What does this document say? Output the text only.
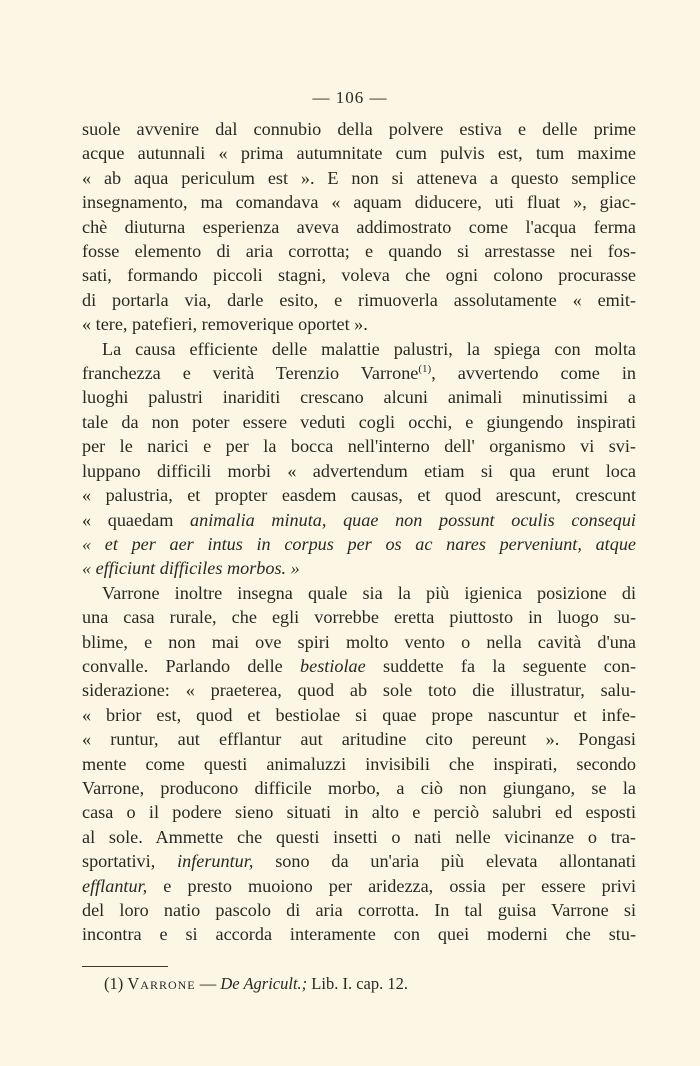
— 106 —
suole avvenire dal connubio della polvere estiva e delle prime
acque autunnali « prima autumnitate cum pulvis est, tum maxime
« ab aqua periculum est ». E non si atteneva a questo semplice
insegnamento, ma comandava « aquam diducere, uti fluat », giac-
chè diuturna esperienza aveva addimostrato come l'acqua ferma
fosse elemento di aria corrotta; e quando si arrestasse nei fos-
sati, formando piccoli stagni, voleva che ogni colono procurasse
di portarla via, darle esito, e rimuoverla assolutamente « emit-
« tere, patefieri, removerique oportet ».
La causa efficiente delle malattie palustri, la spiega con molta
franchezza e verità Terenzio Varrone$^{(1)}$, avvertendo come in
luoghi palustri inariditi crescano alcuni animali minutissimi a
tale da non poter essere veduti cogli occhi, e giungendo inspirati
per le narici e per la bocca nell'interno dell' organismo vi svi-
luppano difficili morbi « advertendum etiam si qua erunt loca
« palustria, et propter easdem causas, et quod arescunt, crescunt
« quaedam animalia minuta, quae non possunt oculis consequi
« et per aer intus in corpus per os ac nares perveniunt, atque
« efficiunt difficiles morbos. »
Varrone inoltre insegna quale sia la più igienica posizione di
una casa rurale, che egli vorrebbe eretta piuttosto in luogo su-
blime, e non mai ove spiri molto vento o nella cavità d'una
convalle. Parlando delle bestiolae suddette fa la seguente con-
siderazione: « praeterea, quod ab sole toto die illustratur, salu-
« brior est, quod et bestiolae si quae prope nascuntur et infe-
« runtur, aut efflantur aut aritudine cito pereunt ». Pongasi
mente come questi animaluzzi invisibili che inspirati, secondo
Varrone, producono difficile morbo, a ciò non giungano, se la
casa o il podere sieno situati in alto e perciò salubri ed esposti
al sole. Ammette che questi insetti o nati nelle vicinanze o tra-
sportativi, inferuntur, sono da un'aria più elevata allontanati
efflantur, e presto muoiono per aridezza, ossia per essere privi
del loro natio pascolo di aria corrotta. In tal guisa Varrone si
incontra e si accorda interamente con quei moderni che stu-
(1) Varrone — De Agricult.; Lib. I. cap. 12.
